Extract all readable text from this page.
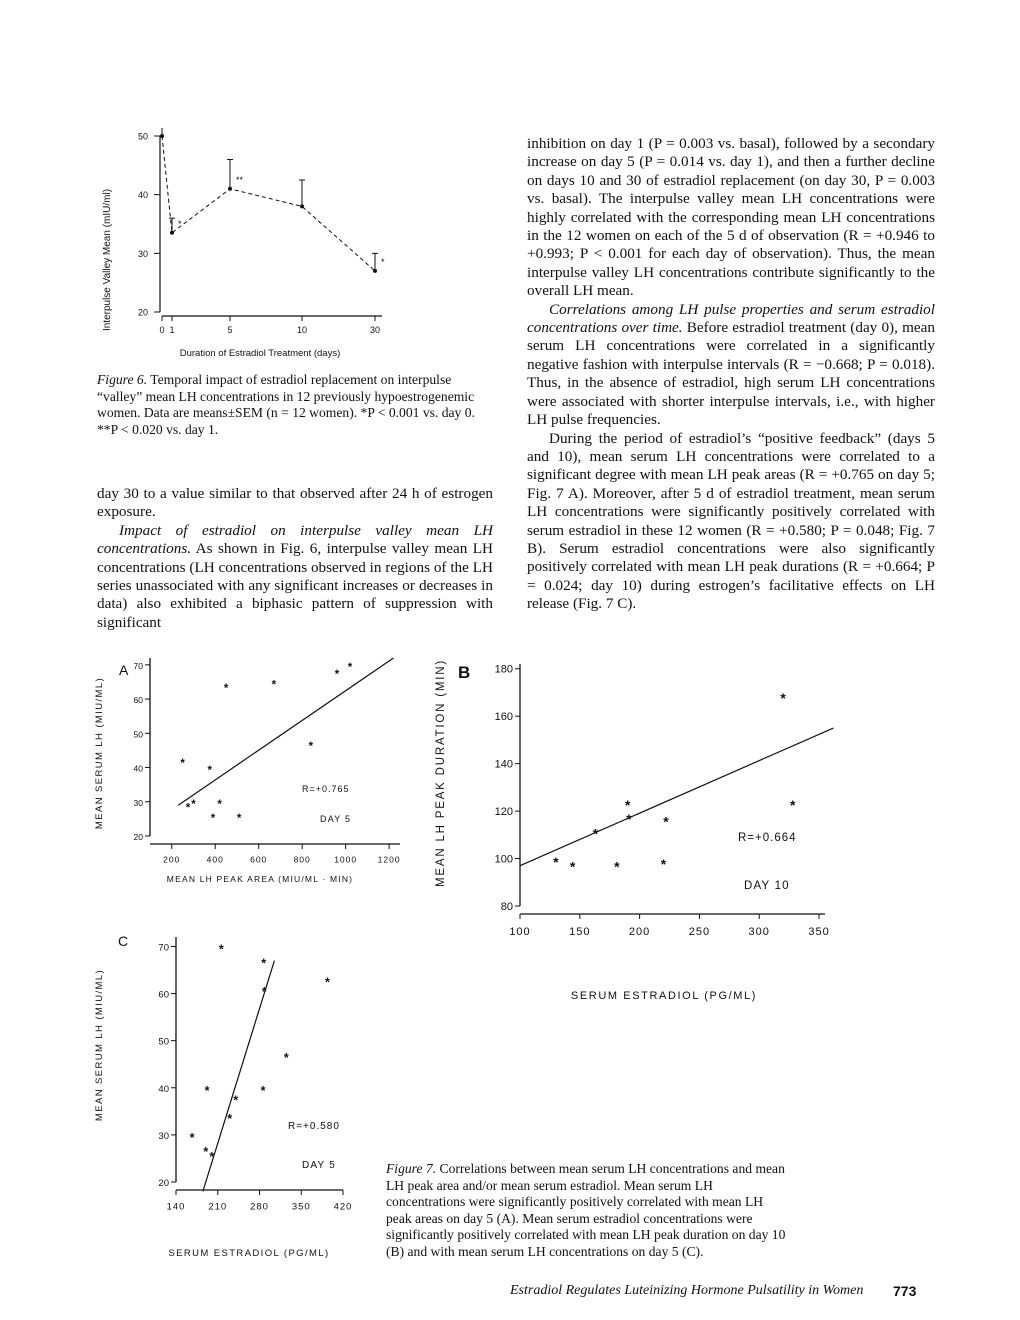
Interpulse Valley Mean (mIU/ml)
Duration of Estradiol Treatment (days)
20
30
40
50
0 1	5	10	30
*
**
*

Figure 6. Temporal impact of estradiol replacement on interpulse “valley” mean LH concentrations in 12 previously hypoestrogenemic women. Data are means±SEM (n = 12 women). *P < 0.001 vs. day 0. **P < 0.020 vs. day 1.

day 30 to a value similar to that observed after 24 h of estrogen exposure.

Impact of estradiol on interpulse valley mean LH concentrations. As shown in Fig. 6, interpulse valley mean LH concentrations (LH concentrations observed in regions of the LH series unassociated with any significant increases or decreases in data) also exhibited a biphasic pattern of suppression with significant

inhibition on day 1 (P = 0.003 vs. basal), followed by a secondary increase on day 5 (P = 0.014 vs. day 1), and then a further decline on days 10 and 30 of estradiol replacement (on day 30, P = 0.003 vs. basal). The interpulse valley mean LH concentrations were highly correlated with the corresponding mean LH concentrations in the 12 women on each of the 5 d of observation (R = +0.946 to +0.993; P < 0.001 for each day of observation). Thus, the mean interpulse valley LH concentrations contribute significantly to the overall LH mean.

Correlations among LH pulse properties and serum estradiol concentrations over time. Before estradiol treatment (day 0), mean serum LH concentrations were correlated in a significantly negative fashion with interpulse intervals (R = −0.668; P = 0.018). Thus, in the absence of estradiol, high serum LH concentrations were associated with shorter interpulse intervals, i.e., with higher LH pulse frequencies.

During the period of estradiol’s “positive feedback” (days 5 and 10), mean serum LH concentrations were correlated to a significant degree with mean LH peak areas (R = +0.765 on day 5; Fig. 7 A). Moreover, after 5 d of estradiol treatment, mean serum LH concentrations were significantly positively correlated with serum estradiol in these 12 women (R = +0.580; P = 0.048; Fig. 7 B). Serum estradiol concentrations were also significantly positively correlated with mean LH peak durations (R = +0.664; P = 0.024; day 10) during estrogen’s facilitative effects on LH release (Fig. 7 C).

MEAN SERUM LH (MIU/ML)
MEAN LH PEAK AREA (MIU/ML · MIN)
A
20
30
40
50
60
70
200	400	600	800	1000 1200
*
* *
*
*
*
*
*
*
*
*
*
R=+0.765
DAY 5	MEAN LH PEAK DURATION (MIN)
SERUM ESTRADIOL (PG/ML)
B
80
100
120
140
160
180
100	150	200	250	300	350
* *
*
* *
*
*
*
*
*
R=+0.664
DAY 10
MEAN SERUM LH (MIU/ML)
SERUM ESTRADIOL (PG/ML)
C
20
30
40
50
60
70
140 210 280 350 420
*
*
*
*
*
*
*
*
*
*
*
*
R=+0.580
DAY 5	Figure 7. Correlations between mean serum LH concentrations and mean LH peak area and/or mean serum estradiol. Mean serum LH concentrations were significantly positively correlated with mean LH peak areas on day 5 (A). Mean serum estradiol concentrations were significantly positively correlated with mean LH peak duration on day 10 (B) and with mean serum LH concentrations on day 5 (C).

Estradiol Regulates Luteinizing Hormone Pulsatility in Women 773
